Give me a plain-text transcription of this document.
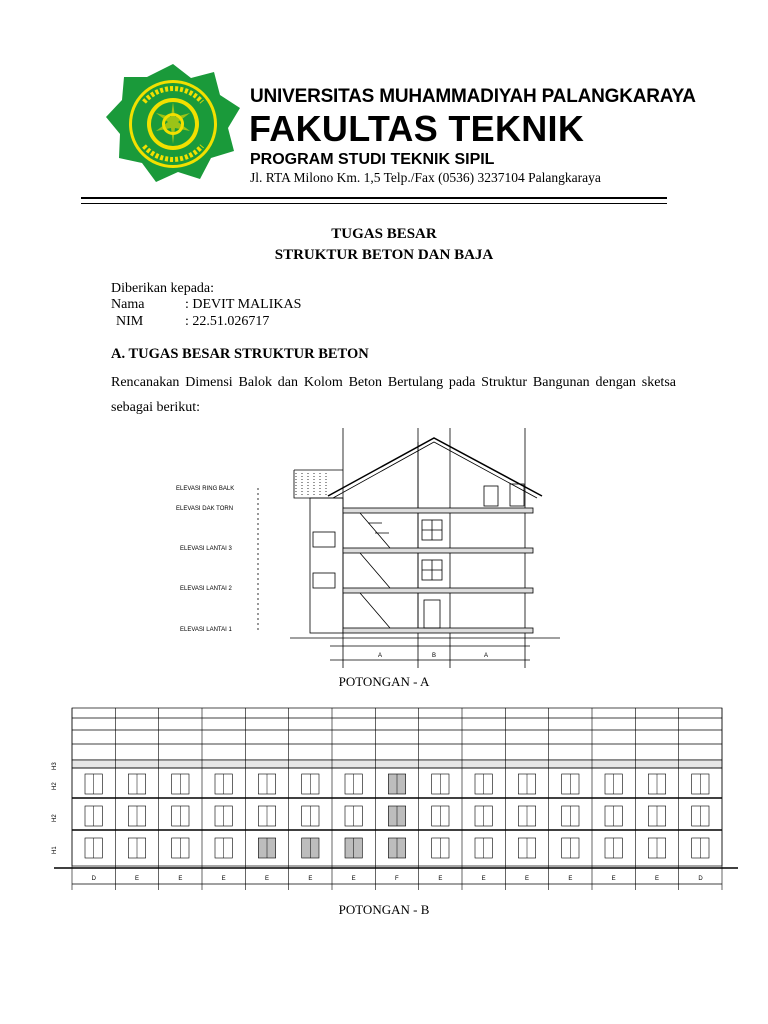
UNIVERSITAS MUHAMMADIYAH PALANGKARAYA
FAKULTAS TEKNIK
PROGRAM STUDI TEKNIK SIPIL
Jl. RTA Milono Km. 1,5 Telp./Fax (0536) 3237104 Palangkaraya
TUGAS BESAR
STRUKTUR BETON DAN BAJA
Diberikan kepada:
Nama	: DEVIT MALIKAS
NIM	: 22.51.026717
A. TUGAS BESAR STRUKTUR BETON
Rencanakan Dimensi Balok dan Kolom Beton Bertulang pada Struktur Bangunan dengan sketsa sebagai berikut:
ELEVASI RING BALK
ELEVASI DAK TORN
ELEVASI LANTAI 3
ELEVASI LANTAI 2
ELEVASI LANTAI 1
A	B	A
POTONGAN - A
D	E	E	E	E	E	E	F	E	E	E	E	E	E	D
H3
H2
H2
H1
POTONGAN - B
